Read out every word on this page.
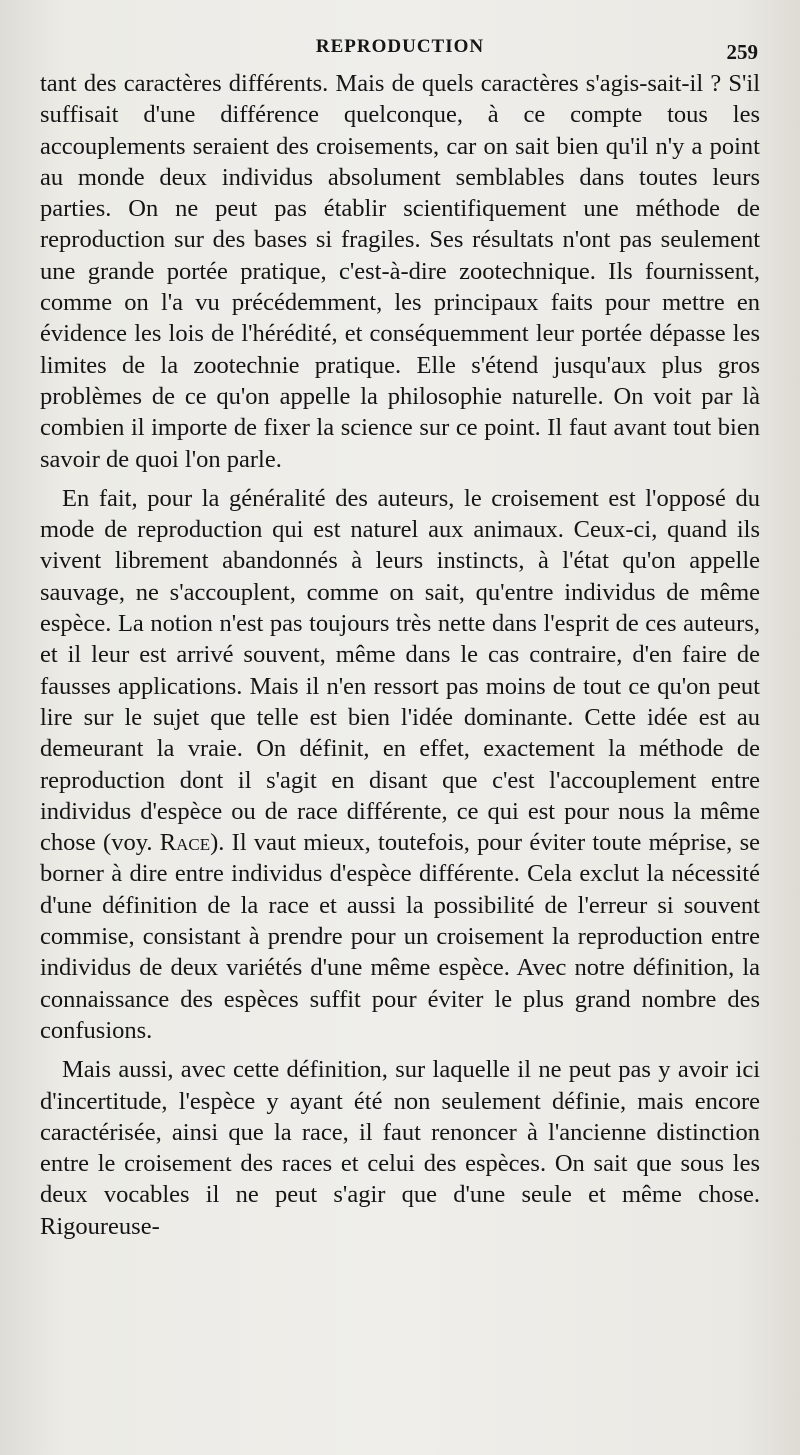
REPRODUCTION	259

tant des caractères différents. Mais de quels caractères s'agis-sait-il ? S'il suffisait d'une différence quelconque, à ce compte tous les accouplements seraient des croisements, car on sait bien qu'il n'y a point au monde deux individus absolument semblables dans toutes leurs parties. On ne peut pas établir scientifiquement une méthode de reproduction sur des bases si fragiles. Ses résultats n'ont pas seulement une grande portée pratique, c'est-à-dire zootechnique. Ils fournissent, comme on l'a vu précédemment, les principaux faits pour mettre en évidence les lois de l'hérédité, et conséquemment leur portée dépasse les limites de la zootechnie pratique. Elle s'étend jusqu'aux plus gros problèmes de ce qu'on appelle la philosophie naturelle. On voit par là combien il importe de fixer la science sur ce point. Il faut avant tout bien savoir de quoi l'on parle.

En fait, pour la généralité des auteurs, le croisement est l'opposé du mode de reproduction qui est naturel aux animaux. Ceux-ci, quand ils vivent librement abandonnés à leurs instincts, à l'état qu'on appelle sauvage, ne s'accouplent, comme on sait, qu'entre individus de même espèce. La notion n'est pas toujours très nette dans l'esprit de ces auteurs, et il leur est arrivé souvent, même dans le cas contraire, d'en faire de fausses applications. Mais il n'en ressort pas moins de tout ce qu'on peut lire sur le sujet que telle est bien l'idée dominante. Cette idée est au demeurant la vraie. On définit, en effet, exactement la méthode de reproduction dont il s'agit en disant que c'est l'accouplement entre individus d'espèce ou de race différente, ce qui est pour nous la même chose (voy. Race). Il vaut mieux, toutefois, pour éviter toute méprise, se borner à dire entre individus d'espèce différente. Cela exclut la nécessité d'une définition de la race et aussi la possibilité de l'erreur si souvent commise, consistant à prendre pour un croisement la reproduction entre individus de deux variétés d'une même espèce. Avec notre définition, la connaissance des espèces suffit pour éviter le plus grand nombre des confusions.

Mais aussi, avec cette définition, sur laquelle il ne peut pas y avoir ici d'incertitude, l'espèce y ayant été non seulement définie, mais encore caractérisée, ainsi que la race, il faut renoncer à l'ancienne distinction entre le croisement des races et celui des espèces. On sait que sous les deux vocables il ne peut s'agir que d'une seule et même chose. Rigoureuse-
